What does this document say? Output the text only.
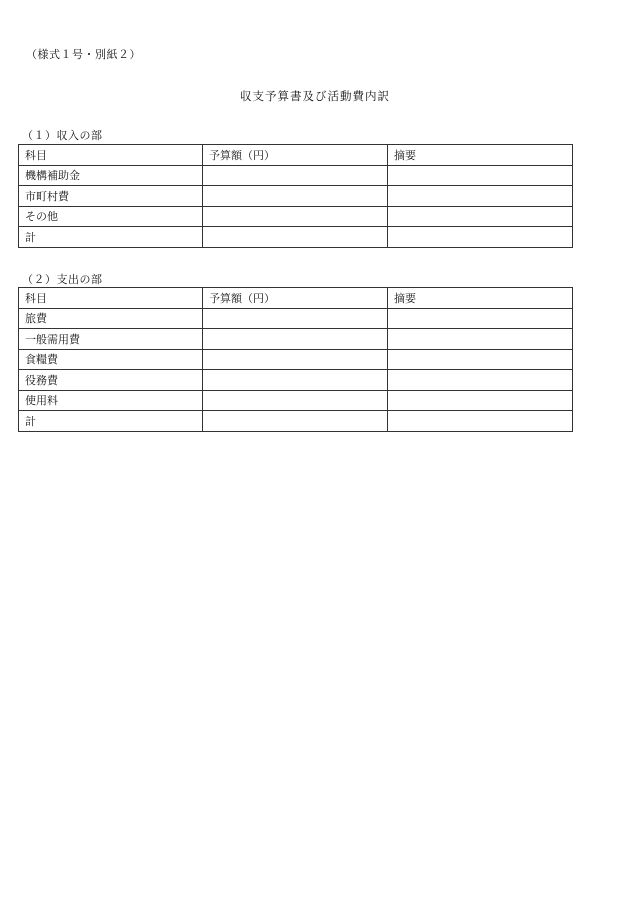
（様式１号・別紙２）
収支予算書及び活動費内訳
（１）収入の部
科目	予算額（円）	摘要
機構補助金		
市町村費		
その他		
計		
（２）支出の部
科目	予算額（円）	摘要
旅費		
一般需用費		
食糧費		
役務費		
使用料		
計		
